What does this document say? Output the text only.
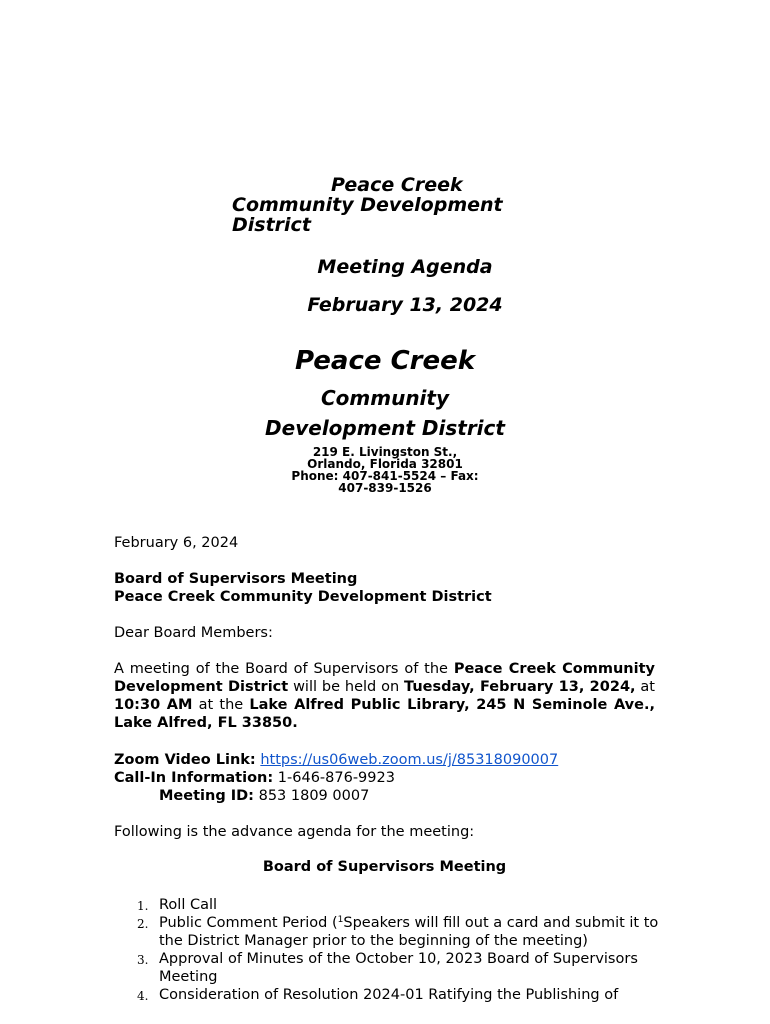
Peace Creek
Community Development
District
Meeting Agenda
February 13, 2024
Peace Creek
Community
Development District
219 E. Livingston St.,
Orlando, Florida 32801
Phone: 407-841-5524 – Fax:
407-839-1526
February 6, 2024
Board of Supervisors Meeting
Peace Creek Community Development District
Dear Board Members:
A meeting of the Board of Supervisors of the Peace Creek Community Development District will be held on Tuesday, February 13, 2024, at 10:30 AM at the Lake Alfred Public Library, 245 N Seminole Ave., Lake Alfred, FL 33850.
Zoom Video Link: https://us06web.zoom.us/j/85318090007
Call-In Information: 1-646-876-9923
Meeting ID: 853 1809 0007
Following is the advance agenda for the meeting:
Board of Supervisors Meeting
1. Roll Call
2. Public Comment Period ($^1$Speakers will fill out a card and submit it to the District Manager prior to the beginning of the meeting)
3. Approval of Minutes of the October 10, 2023 Board of Supervisors Meeting
4. Consideration of Resolution 2024-01 Ratifying the Publishing of
